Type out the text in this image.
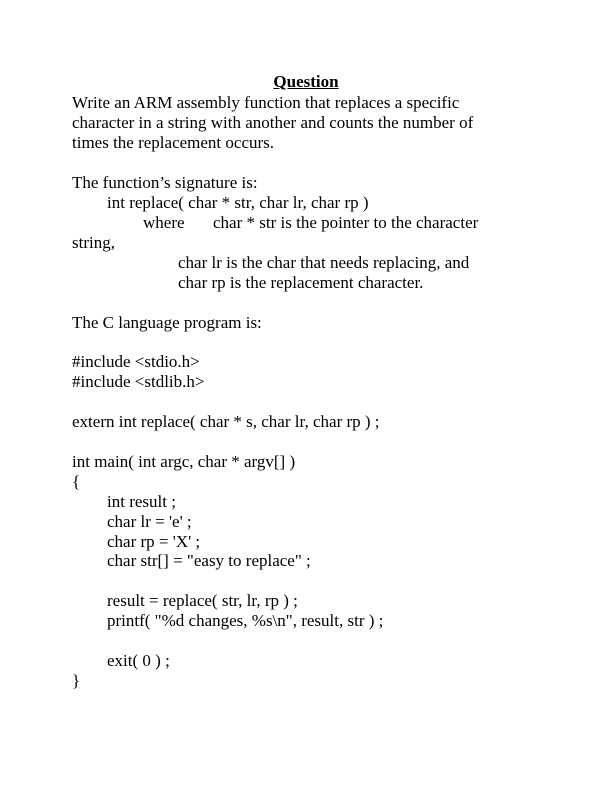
Question
Write an ARM assembly function that replaces a specific
character in a string with another and counts the number of
times the replacement occurs.
The function’s signature is:
int replace( char * str, char lr, char rp )
where char * str is the pointer to the character
string,
char lr is the char that needs replacing, and
char rp is the replacement character.
The C language program is:
#include <stdio.h>
#include <stdlib.h>
extern int replace( char * s, char lr, char rp ) ;
int main( int argc, char * argv[] )
{
int result ;
char lr = 'e' ;
char rp = 'X' ;
char str[] = "easy to replace" ;
result = replace( str, lr, rp ) ;
printf( "%d changes, %s\n", result, str ) ;
exit( 0 ) ;
}
